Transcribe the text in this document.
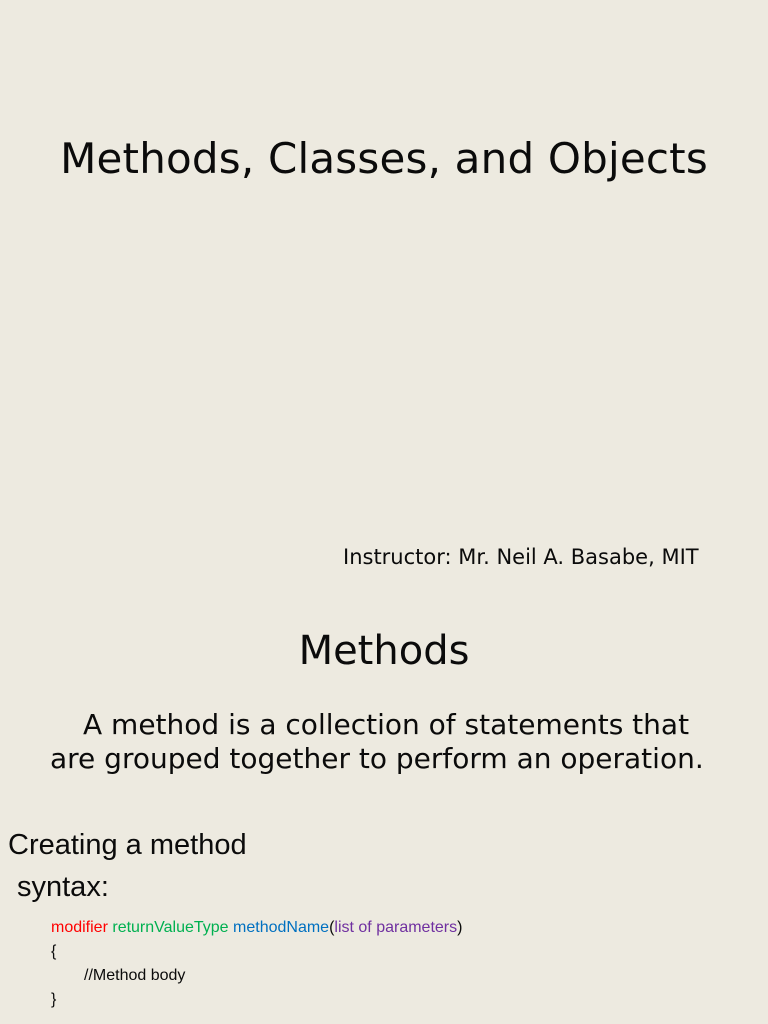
Methods, Classes, and Objects
Instructor: Mr. Neil A. Basabe, MIT
Methods
A method is a collection of statements that
are grouped together to perform an operation.
Creating a method
syntax:
modifier returnValueType methodName(list of parameters)
{
//Method body
}
